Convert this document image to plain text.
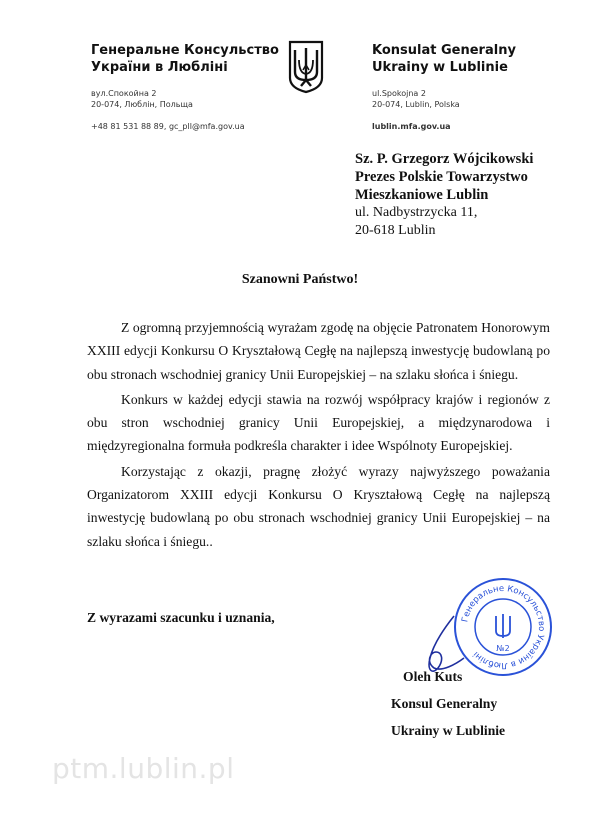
Генеральне Консульство
України в Любліні
вул.Спокойна 2
20-074, Люблін, Польща
+48 81 531 88 89, gc_pll@mfa.gov.ua
Konsulat Generalny
Ukrainy w Lublinie
ul.Spokojna 2
20-074, Lublin, Polska
lublin.mfa.gov.ua
Sz. P. Grzegorz Wójcikowski
Prezes Polskie Towarzystwo
Mieszkaniowe Lublin
ul. Nadbystrzycka 11,
20-618 Lublin
Szanowni Państwo!

Z ogromną przyjemnością wyrażam zgodę na objęcie Patronatem Honorowym XXIII edycji Konkursu O Kryształową Cegłę na najlepszą inwestycję budowlaną po obu stronach wschodniej granicy Unii Europejskiej – na szlaku słońca i śniegu.

Konkurs w każdej edycji stawia na rozwój współpracy krajów i regionów z obu stron wschodniej granicy Unii Europejskiej, a międzynarodowa i międzyregionalna formuła podkreśla charakter i idee Wspólnoty Europejskiej.

Korzystając z okazji, pragnę złożyć wyrazy najwyższego poważania Organizatorom XXIII edycji Konkursu O Kryształową Cegłę na najlepszą inwestycję budowlaną po obu stronach wschodniej granicy Unii Europejskiej – na szlaku słońca i śniegu..

Z wyrazami szacunku i uznania,	Генеральне Консульство України в Любліні
№2
Oleh Kuts
Konsul Generalny
Ukrainy w Lublinie
ptm.lublin.pl
